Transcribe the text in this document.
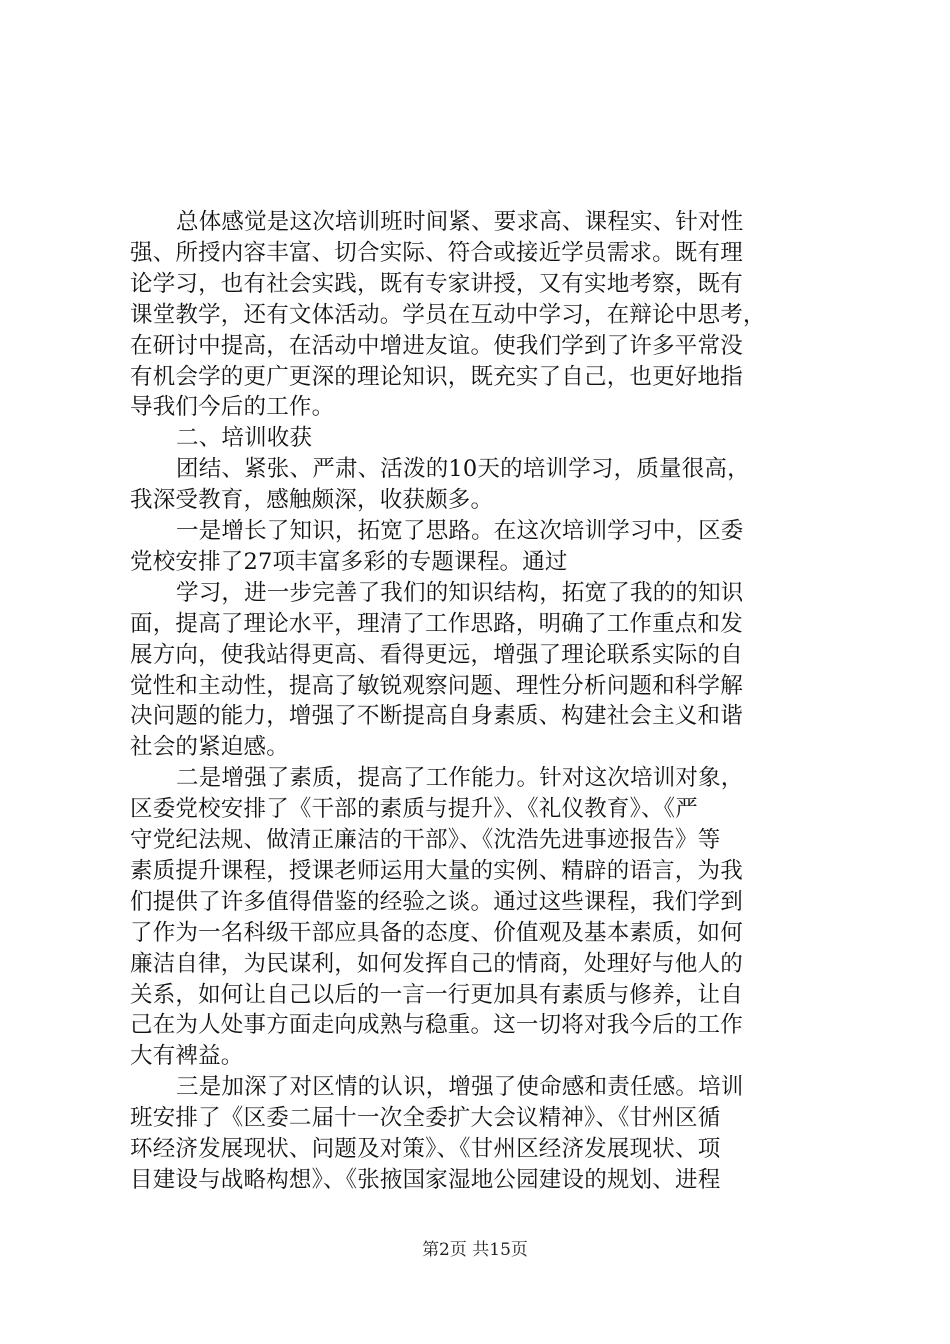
总体感觉是这次培训班时间紧、要求高、课程实、针对性
强、所授内容丰富、切合实际、符合或接近学员需求。既有理
论学习，也有社会实践，既有专家讲授，又有实地考察，既有
课堂教学，还有文体活动。学员在互动中学习，在辩论中思考，
在研讨中提高，在活动中增进友谊。使我们学到了许多平常没
有机会学的更广更深的理论知识，既充实了自己，也更好地指
导我们今后的工作。
二、培训收获
团结、紧张、严肃、活泼的10天的培训学习，质量很高，
我深受教育，感触颇深，收获颇多。
一是增长了知识，拓宽了思路。在这次培训学习中，区委
党校安排了27项丰富多彩的专题课程。通过
学习，进一步完善了我们的知识结构，拓宽了我的的知识
面，提高了理论水平，理清了工作思路，明确了工作重点和发
展方向，使我站得更高、看得更远，增强了理论联系实际的自
觉性和主动性，提高了敏锐观察问题、理性分析问题和科学解
决问题的能力，增强了不断提高自身素质、构建社会主义和谐
社会的紧迫感。
二是增强了素质，提高了工作能力。针对这次培训对象，
区委党校安排了《干部的素质与提升》、《礼仪教育》、《严
守党纪法规、做清正廉洁的干部》、《沈浩先进事迹报告》等
素质提升课程，授课老师运用大量的实例、精辟的语言，为我
们提供了许多值得借鉴的经验之谈。通过这些课程，我们学到
了作为一名科级干部应具备的态度、价值观及基本素质，如何
廉洁自律，为民谋利，如何发挥自己的情商，处理好与他人的
关系，如何让自己以后的一言一行更加具有素质与修养，让自
己在为人处事方面走向成熟与稳重。这一切将对我今后的工作
大有裨益。
三是加深了对区情的认识，增强了使命感和责任感。培训
班安排了《区委二届十一次全委扩大会议精神》、《甘州区循
环经济发展现状、问题及对策》、《甘州区经济发展现状、项
目建设与战略构想》、《张掖国家湿地公园建设的规划、进程
第2页 共15页
